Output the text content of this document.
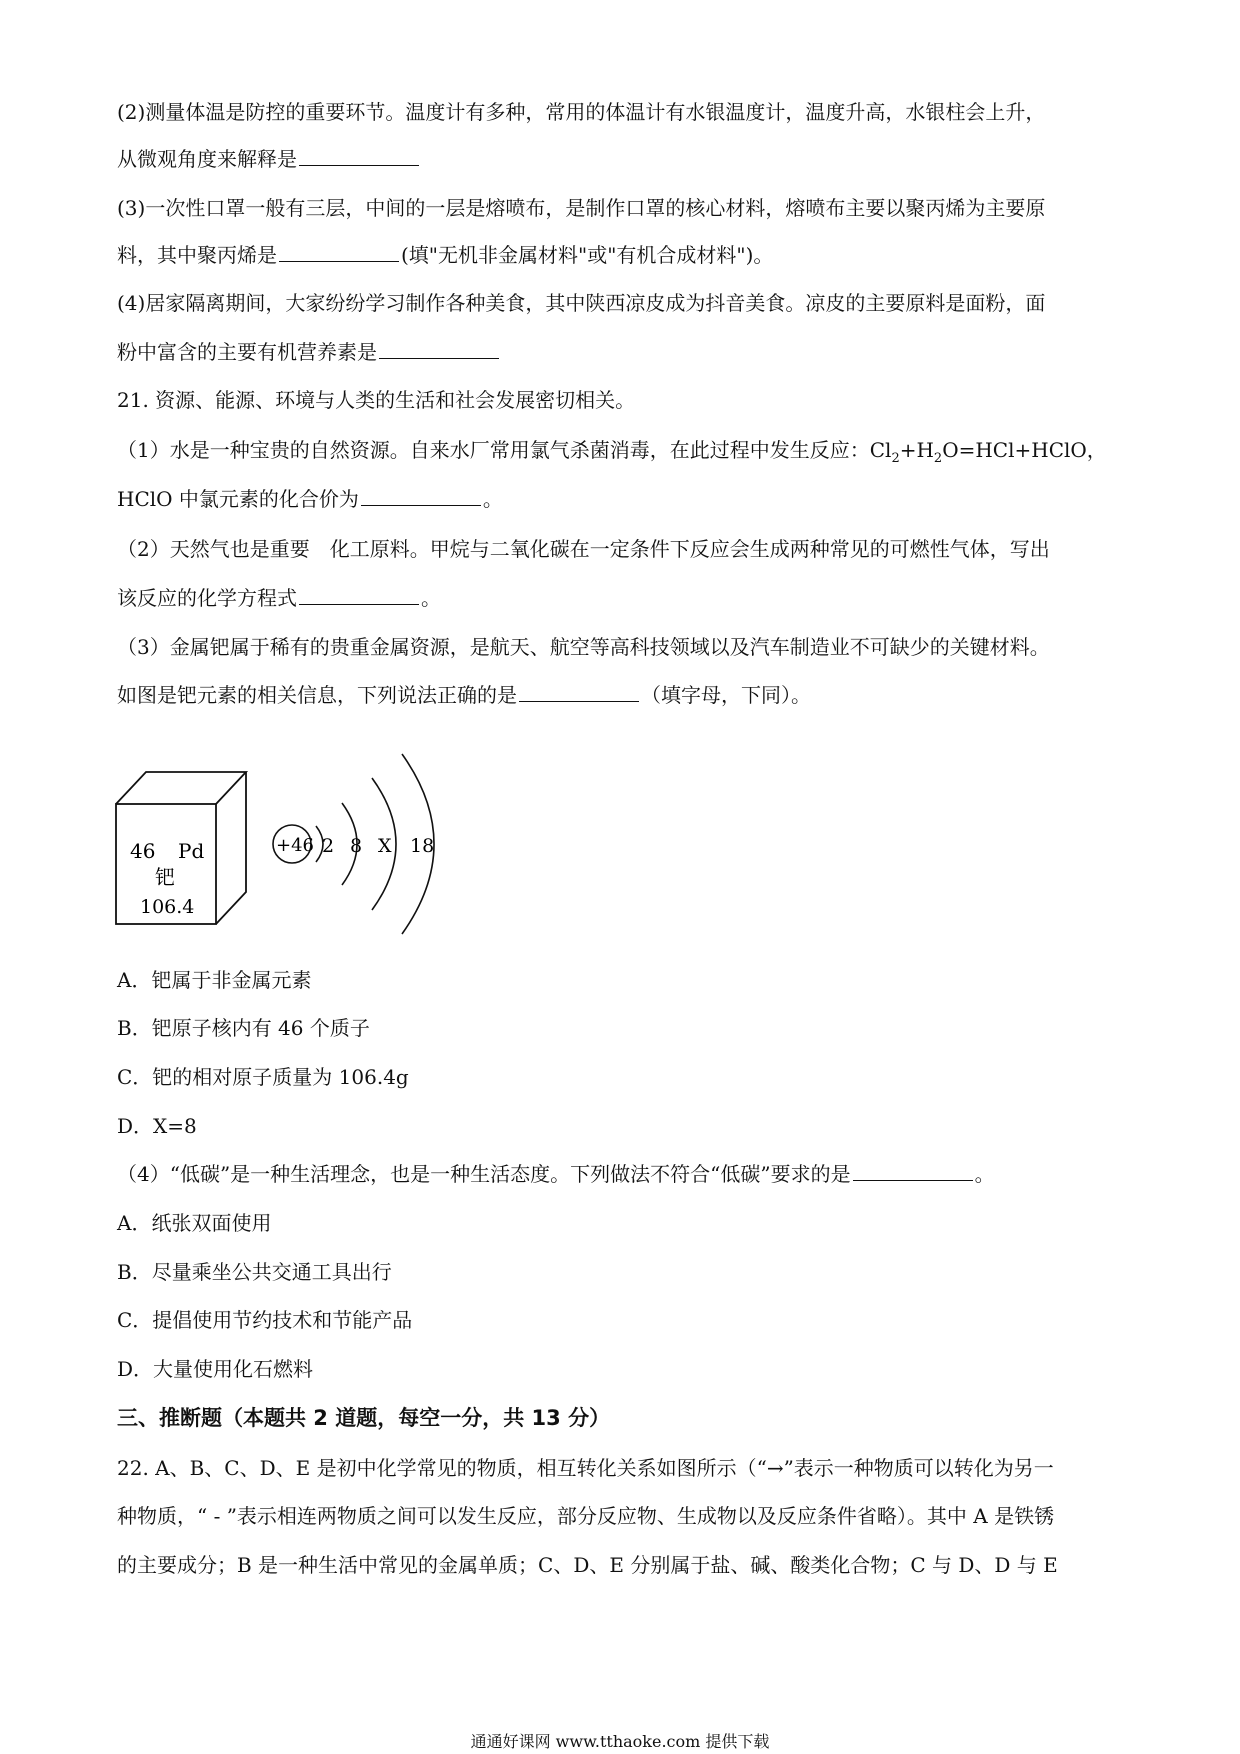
(2)测量体温是防控的重要环节。温度计有多种，常用的体温计有水银温度计，温度升高，水银柱会上升，
从微观角度来解释是
(3)一次性口罩一般有三层，中间的一层是熔喷布，是制作口罩的核心材料，熔喷布主要以聚丙烯为主要原
料，其中聚丙烯是	(填"无机非金属材料"或"有机合成材料")。
(4)居家隔离期间，大家纷纷学习制作各种美食，其中陕西凉皮成为抖音美食。凉皮的主要原料是面粉，面
粉中富含的主要有机营养素是
21. 资源、能源、环境与人类的生活和社会发展密切相关。
（1）水是一种宝贵的自然资源。自来水厂常用氯气杀菌消毒，在此过程中发生反应：$Cl_2+H_2O=HCl+HClO$，
HClO 中氯元素的化合价为	。
（2）天然气也是重要　化工原料。甲烷与二氧化碳在一定条件下反应会生成两种常见的可燃性气体，写出
该反应的化学方程式	。
（3）金属钯属于稀有的贵重金属资源，是航天、航空等高科技领域以及汽车制造业不可缺少的关键材料。
如图是钯元素的相关信息，下列说法正确的是	（填字母，下同）。
46 Pd
钯
106.4
+46 2 8 X 18
A．钯属于非金属元素
B．钯原子核内有 46 个质子
C．钯的相对原子质量为 106.4g
D．X=8
（4）“低碳”是一种生活理念，也是一种生活态度。下列做法不符合“低碳”要求的是	。
A．纸张双面使用
B．尽量乘坐公共交通工具出行
C．提倡使用节约技术和节能产品
D．大量使用化石燃料
三、推断题（本题共 2 道题，每空一分，共 13 分）
22. A、B、C、D、E 是初中化学常见的物质，相互转化关系如图所示（“→”表示一种物质可以转化为另一
种物质，“ - ”表示相连两物质之间可以发生反应，部分反应物、生成物以及反应条件省略）。其中 A 是铁锈
的主要成分；B 是一种生活中常见的金属单质；C、D、E 分别属于盐、碱、酸类化合物；C 与 D、D 与 E
通通好课网 www.tthaoke.com 提供下载
